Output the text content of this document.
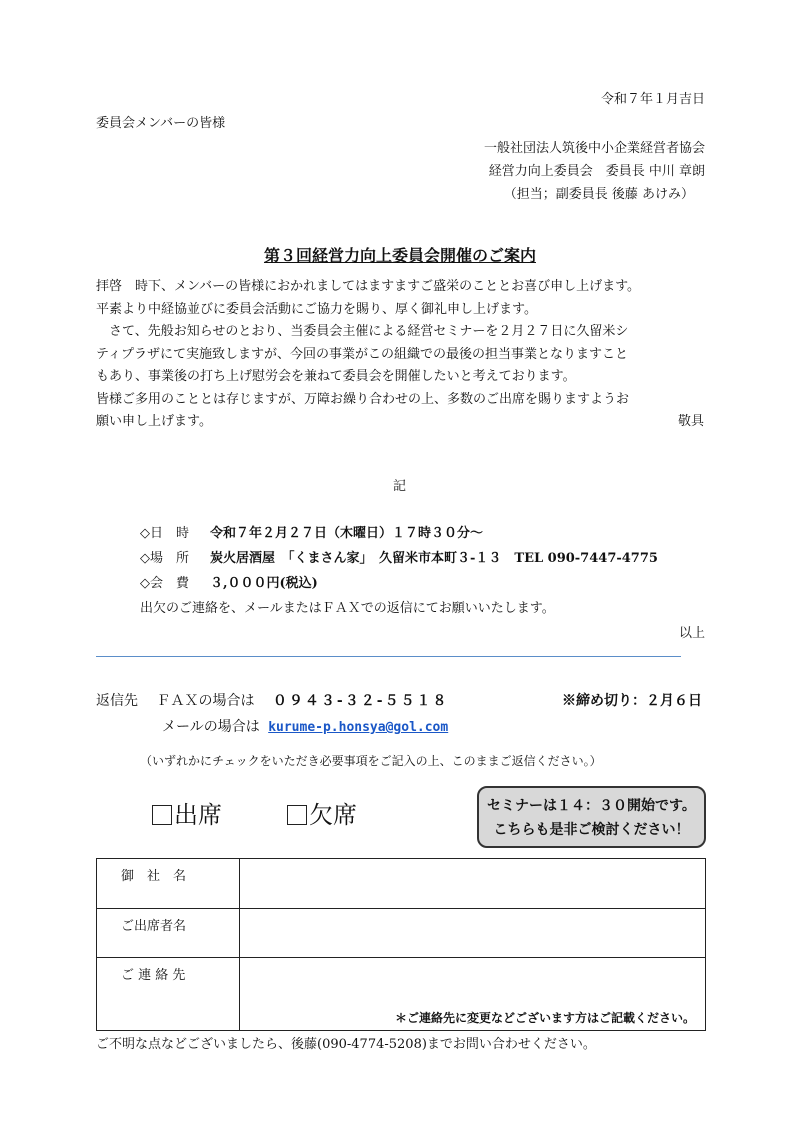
令和７年１月吉日
委員会メンバーの皆様
一般社団法人筑後中小企業経営者協会
経営力向上委員会　委員長 中川 章朗
（担当；副委員長 後藤 あけみ）
第３回経営力向上委員会開催のご案内
拝啓　時下、メンバーの皆様におかれましてはますますご盛栄のこととお喜び申し上げます。
平素より中経協並びに委員会活動にご協力を賜り、厚く御礼申し上げます。
　さて、先般お知らせのとおり、当委員会主催による経営セミナーを２月２７日に久留米シ
ティプラザにて実施致しますが、今回の事業がこの組織での最後の担当事業となりますこと
もあり、事業後の打ち上げ慰労会を兼ねて委員会を開催したいと考えております。
皆様ご多用のこととは存じますが、万障お繰り合わせの上、多数のご出席を賜りますようお
願い申し上げます。	敬具
記
◇日　時	令和７年２月２７日（木曜日）１７時３０分～
◇場　所	炭火居酒屋　「くまさん家」　久留米市本町３-１３　TEL 090-7447-4775
◇会　費	３,０００円(税込)
出欠のご連絡を、メールまたはＦＡＸでの返信にてお願いいたします。
以上
返信先 ＦＡＸの場合は ０９４３-３２-５５１８	※締め切り：２月６日
メールの場合は kurume-p.honsya@gol.com
（いずれかにチェックをいただき必要事項をご記入の上、このままご返信ください。）
出席	欠席	セミナーは１４：３０開始です。
こちらも是非ご検討ください！
御　社　名	
ご出席者名	
ご 連 絡 先	＊ご連絡先に変更などございます方はご記載ください。
ご不明な点などございましたら、後藤(090-4774-5208)までお問い合わせください。
